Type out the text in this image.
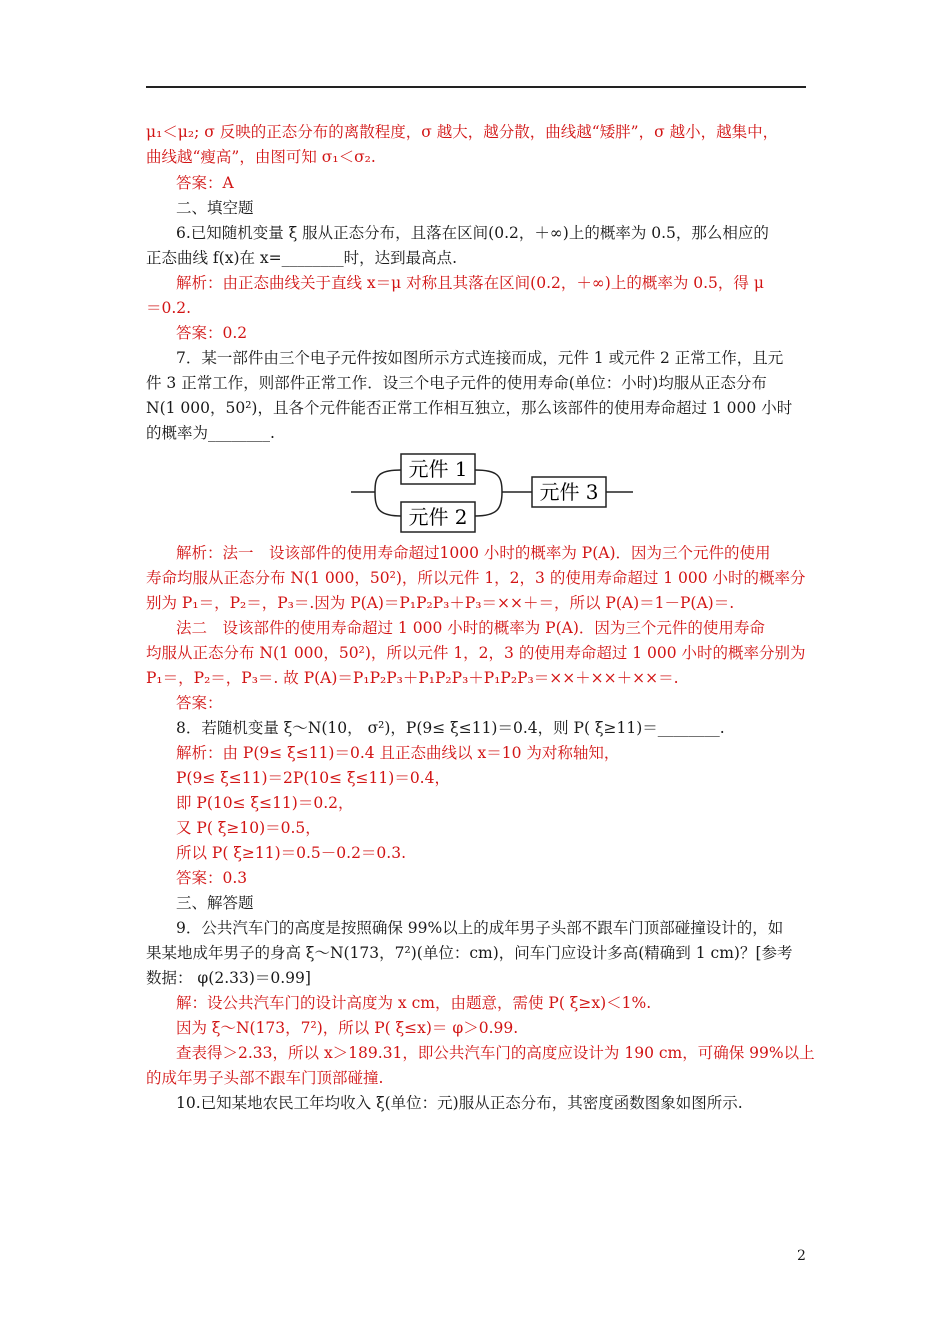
μ₁＜μ₂; σ 反映的正态分布的离散程度，σ 越大，越分散，曲线越“矮胖”，σ 越小，越集中，
曲线越“瘦高”，由图可知 σ₁＜σ₂.
答案：A
二、填空题
6.已知随机变量 ξ 服从正态分布，且落在区间(0.2，＋∞)上的概率为 0.5，那么相应的
正态曲线 f(x)在 x=________时，达到最高点.
解析：由正态曲线关于直线 x＝μ 对称且其落在区间(0.2，＋∞)上的概率为 0.5，得 μ
＝0.2.
答案：0.2
7．某一部件由三个电子元件按如图所示方式连接而成，元件 1 或元件 2 正常工作，且元
件 3 正常工作，则部件正常工作．设三个电子元件的使用寿命(单位：小时)均服从正态分布
N(1 000，50²)，且各个元件能否正常工作相互独立，那么该部件的使用寿命超过 1 000 小时
的概率为________.
解析：法一　设该部件的使用寿命超过1000 小时的概率为 P(A)．因为三个元件的使用
寿命均服从正态分布 N(1 000，50²)，所以元件 1，2，3 的使用寿命超过 1 000 小时的概率分
别为 P₁＝，P₂＝，P₃＝.因为 P(A)＝P₁P₂P₃＋P₃＝××＋＝，所以 P(A)＝1－P(A)＝.
法二　设该部件的使用寿命超过 1 000 小时的概率为 P(A)．因为三个元件的使用寿命
均服从正态分布 N(1 000，50²)，所以元件 1，2，3 的使用寿命超过 1 000 小时的概率分别为
P₁＝，P₂＝，P₃＝. 故 P(A)＝P₁P₂P₃＋P₁P₂P₃＋P₁P₂P₃＝××＋××＋××＝.
答案：
8．若随机变量 ξ～N(10， σ²)，P(9≤ ξ≤11)＝0.4，则 P( ξ≥11)＝________.
解析：由 P(9≤ ξ≤11)＝0.4 且正态曲线以 x＝10 为对称轴知，
P(9≤ ξ≤11)＝2P(10≤ ξ≤11)＝0.4，
即 P(10≤ ξ≤11)＝0.2，
又 P( ξ≥10)＝0.5，
所以 P( ξ≥11)＝0.5－0.2＝0.3.
答案：0.3
三、解答题
9．公共汽车门的高度是按照确保 99%以上的成年男子头部不跟车门顶部碰撞设计的，如
果某地成年男子的身高 ξ～N(173，7²)(单位：cm)，问车门应设计多高(精确到 1 cm)？[参考
数据： φ(2.33)＝0.99]
解：设公共汽车门的设计高度为 x cm，由题意，需使 P( ξ≥x)＜1%.
因为 ξ～N(173，7²)，所以 P( ξ≤x)＝ φ＞0.99.
查表得＞2.33，所以 x＞189.31，即公共汽车门的高度应设计为 190 cm，可确保 99%以上
的成年男子头部不跟车门顶部碰撞.
10.已知某地农民工年均收入 ξ(单位：元)服从正态分布，其密度函数图象如图所示.
元件 1
元件 2
元件 3
2
